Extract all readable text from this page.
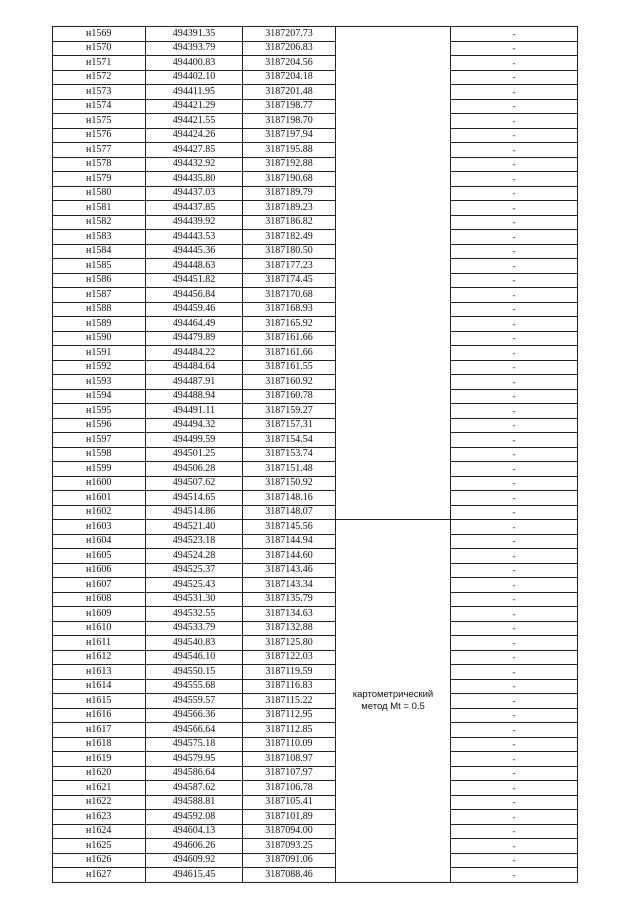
н1569	494391.35	3187207.73		-
н1570	494393.79	3187206.83		-
н1571	494400.83	3187204.56		-
н1572	494402.10	3187204.18		-
н1573	494411.95	3187201.48		-
н1574	494421.29	3187198.77		-
н1575	494421.55	3187198.70		-
н1576	494424.26	3187197.94		-
н1577	494427.85	3187195.88		-
н1578	494432.92	3187192.88		-
н1579	494435.80	3187190.68		-
н1580	494437.03	3187189.79		-
н1581	494437.85	3187189.23		-
н1582	494439.92	3187186.82		-
н1583	494443.53	3187182.49		-
н1584	494445.36	3187180.50		-
н1585	494448.63	3187177.23		-
н1586	494451.82	3187174.45		-
н1587	494456.84	3187170.68		-
н1588	494459.46	3187168.93		-
н1589	494464.49	3187165.92		-
н1590	494479.89	3187161.66		-
н1591	494484.22	3187161.66		-
н1592	494484.64	3187161.55		-
н1593	494487.91	3187160.92		-
н1594	494488.94	3187160.78		-
н1595	494491.11	3187159.27		-
н1596	494494.32	3187157.31		-
н1597	494499.59	3187154.54		-
н1598	494501.25	3187153.74		-
н1599	494506.28	3187151.48		-
н1600	494507.62	3187150.92		-
н1601	494514.65	3187148.16		-
н1602	494514.86	3187148.07		-
н1603	494521.40	3187145.56	картометрический
метод Mt = 0.5	-
н1604	494523.18	3187144.94		-
н1605	494524.28	3187144.60		-
н1606	494525.37	3187143.46		-
н1607	494525.43	3187143.34		-
н1608	494531.30	3187135.79		-
н1609	494532.55	3187134.63		-
н1610	494533.79	3187132.88		-
н1611	494540.83	3187125.80		-
н1612	494546.10	3187122.03		-
н1613	494550.15	3187119.59		-
н1614	494555.68	3187116.83		-
н1615	494559.57	3187115.22		-
н1616	494566.36	3187112.95		-
н1617	494566.64	3187112.85		-
н1618	494575.18	3187110.09		-
н1619	494579.95	3187108.97		-
н1620	494586.64	3187107.97		-
н1621	494587.62	3187106.78		-
н1622	494588.81	3187105.41		-
н1623	494592.08	3187101.89		-
н1624	494604.13	3187094.00		-
н1625	494606.26	3187093.25		-
н1626	494609.92	3187091.06		-
н1627	494615.45	3187088.46		-
